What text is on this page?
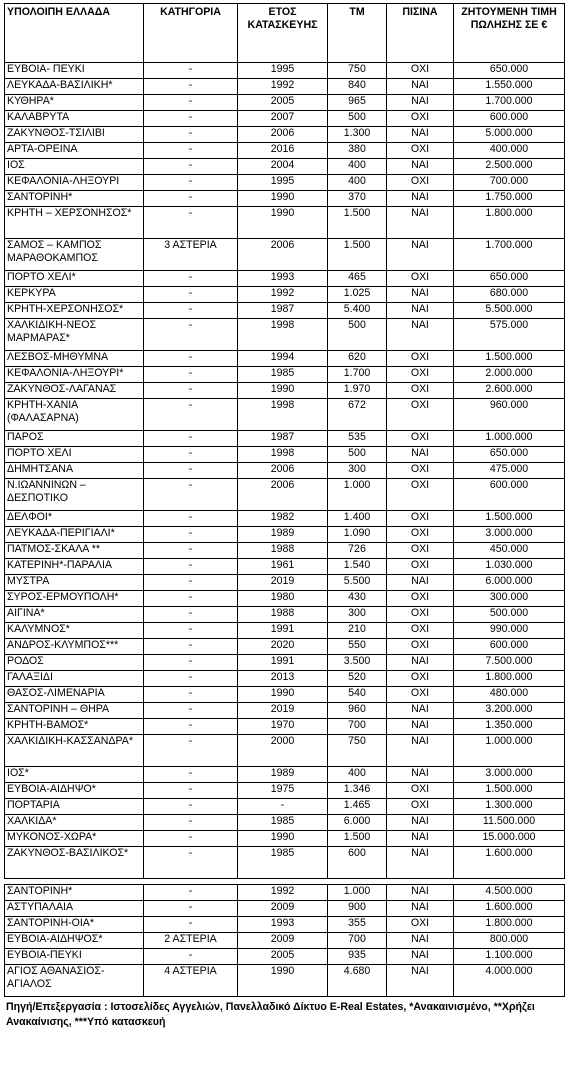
ΥΠΟΛΟΙΠΗ ΕΛΛΑΔΑ	ΚΑΤΗΓΟΡΙΑ	ΕΤΟΣ ΚΑΤΑΣΚΕΥΗΣ	ΤΜ	ΠΙΣΙΝΑ	ΖΗΤΟΥΜΕΝΗ ΤΙΜΗ ΠΩΛΗΣΗΣ ΣΕ €
ΕΥΒΟΙΑ- ΠΕΥΚΙ	-	1995	750	ΟΧΙ	650.000
ΛΕΥΚΑΔΑ-ΒΑΣΙΛΙΚΗ*	-	1992	840	ΝΑΙ	1.550.000
ΚΥΘΗΡΑ*	-	2005	965	ΝΑΙ	1.700.000
ΚΑΛΑΒΡΥΤΑ	-	2007	500	ΟΧΙ	600.000
ΖΑΚΥΝΘΟΣ-ΤΣΙΛΙΒΙ	-	2006	1.300	ΝΑΙ	5.000.000
ΑΡΤΑ-ΟΡΕΙΝΑ	-	2016	380	ΟΧΙ	400.000
ΙΟΣ	-	2004	400	ΝΑΙ	2.500.000
ΚΕΦΑΛΟΝΙΑ-ΛΗΞΟΥΡΙ	-	1995	400	ΟΧΙ	700.000
ΣΑΝΤΟΡΙΝΗ*	-	1990	370	ΝΑΙ	1.750.000
ΚΡΗΤΗ – ΧΕΡΣΟΝΗΣΟΣ*	-	1990	1.500	ΝΑΙ	1.800.000
ΣΑΜΟΣ – ΚΑΜΠΟΣ ΜΑΡΑΘΟΚΑΜΠΟΣ	3 ΑΣΤΕΡΙΑ	2006	1.500	ΝΑΙ	1.700.000
ΠΟΡΤΟ ΧΕΛΙ*	-	1993	465	ΟΧΙ	650.000
ΚΕΡΚΥΡΑ	-	1992	1.025	ΝΑΙ	680.000
ΚΡΗΤΗ-ΧΕΡΣΟΝΗΣΟΣ*	-	1987	5.400	ΝΑΙ	5.500.000
ΧΑΛΚΙΔΙΚΗ-ΝΕΟΣ ΜΑΡΜΑΡΑΣ*	-	1998	500	ΝΑΙ	575.000
ΛΕΣΒΟΣ-ΜΗΘΥΜΝΑ	-	1994	620	ΟΧΙ	1.500.000
ΚΕΦΑΛΟΝΙΑ-ΛΗΞΟΥΡΙ*	-	1985	1.700	ΟΧΙ	2.000.000
ΖΑΚΥΝΘΟΣ-ΛΑΓΑΝΑΣ	-	1990	1.970	ΟΧΙ	2.600.000
ΚΡΗΤΗ-ΧΑΝΙΑ (ΦΑΛΑΣΑΡΝΑ)	-	1998	672	ΟΧΙ	960.000
ΠΑΡΟΣ	-	1987	535	ΟΧΙ	1.000.000
ΠΟΡΤΟ ΧΕΛΙ	-	1998	500	ΝΑΙ	650.000
ΔΗΜΗΤΣΑΝΑ	-	2006	300	ΟΧΙ	475.000
Ν.ΙΩΑΝΝΙΝΩΝ – ΔΕΣΠΟΤΙΚΟ	-	2006	1.000	ΟΧΙ	600.000
ΔΕΛΦΟΙ*	-	1982	1.400	ΟΧΙ	1.500.000
ΛΕΥΚΑΔΑ-ΠΕΡΙΓΙΑΛΙ*	-	1989	1.090	ΟΧΙ	3.000.000
ΠΑΤΜΟΣ-ΣΚΑΛΑ **	-	1988	726	ΟΧΙ	450.000
ΚΑΤΕΡΙΝΗ*-ΠΑΡΑΛΙΑ	-	1961	1.540	ΟΧΙ	1.030.000
ΜΥΣΤΡΑ	-	2019	5.500	ΝΑΙ	6.000.000
ΣΥΡΟΣ-ΕΡΜΟΥΠΟΛΗ*	-	1980	430	ΟΧΙ	300.000
ΑΙΓΙΝΑ*	-	1988	300	ΟΧΙ	500.000
ΚΑΛΥΜΝΟΣ*	-	1991	210	ΟΧΙ	990.000
ΑΝΔΡΟΣ-ΚΛΥΜΠΟΣ***	-	2020	550	ΟΧΙ	600.000
ΡΟΔΟΣ	-	1991	3.500	ΝΑΙ	7.500.000
ΓΑΛΑΞΙΔΙ	-	2013	520	ΟΧΙ	1.800.000
ΘΑΣΟΣ-ΛΙΜΕΝΑΡΙΑ	-	1990	540	ΟΧΙ	480.000
ΣΑΝΤΟΡΙΝΗ – ΘΗΡΑ	-	2019	960	ΝΑΙ	3.200.000
ΚΡΗΤΗ-ΒΑΜΟΣ*	-	1970	700	ΝΑΙ	1.350.000
ΧΑΛΚΙΔΙΚΗ-ΚΑΣΣΑΝΔΡΑ*	-	2000	750	ΝΑΙ	1.000.000
ΙΟΣ*	-	1989	400	ΝΑΙ	3.000.000
ΕΥΒΟΙΑ-ΑΙΔΗΨΟ*	-	1975	1.346	ΟΧΙ	1.500.000
ΠΟΡΤΑΡΙΑ	-	-	1.465	ΟΧΙ	1.300.000
ΧΑΛΚΙΔΑ*	-	1985	6.000	ΝΑΙ	11.500.000
ΜΥΚΟΝΟΣ-ΧΩΡΑ*	-	1990	1.500	ΝΑΙ	15.000.000
ΖΑΚΥΝΘΟΣ-ΒΑΣΙΛΙΚΟΣ*	-	1985	600	ΝΑΙ	1.600.000

ΣΑΝΤΟΡΙΝΗ*	-	1992	1.000	ΝΑΙ	4.500.000
ΑΣΤΥΠΑΛΑΙΑ	-	2009	900	ΝΑΙ	1.600.000
ΣΑΝΤΟΡΙΝΗ-ΟΙΑ*	-	1993	355	ΟΧΙ	1.800.000
ΕΥΒΟΙΑ-ΑΙΔΗΨΟΣ*	2 ΑΣΤΕΡΙΑ	2009	700	ΝΑΙ	800.000
ΕΥΒΟΙΑ-ΠΕΥΚΙ	-	2005	935	ΝΑΙ	1.100.000
ΑΓΙΟΣ ΑΘΑΝΑΣΙΟΣ-ΑΓΙΑΛΟΣ	4 ΑΣΤΕΡΙΑ	1990	4.680	ΝΑΙ	4.000.000
Πηγή/Επεξεργασία : Ιστοσελίδες Αγγελιών, Πανελλαδικό Δίκτυο E-Real Estates, *Ανακαινισμένο, **Χρήζει Ανακαίνισης, ***Υπό κατασκευή
